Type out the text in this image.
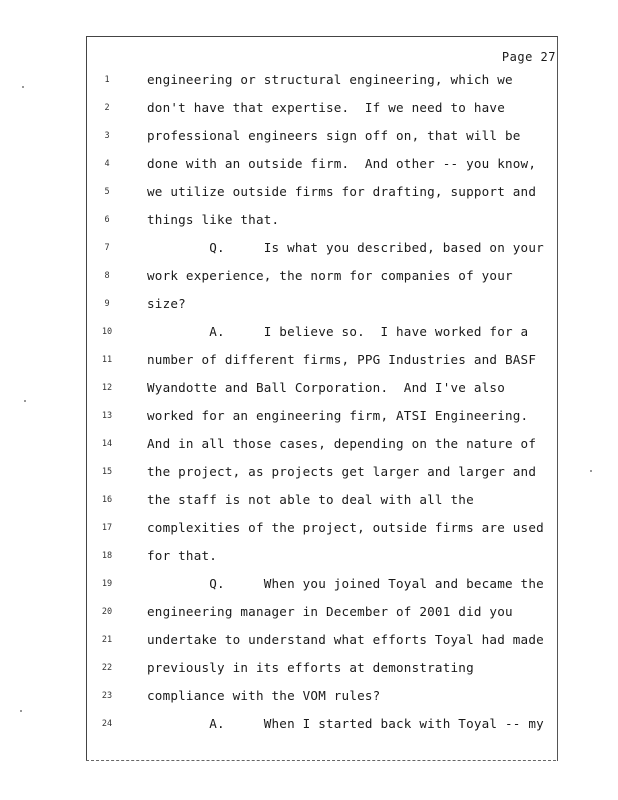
Page 27
1	engineering or structural engineering, which we
2	don't have that expertise.  If we need to have
3	professional engineers sign off on, that will be
4	done with an outside firm.  And other -- you know,
5	we utilize outside firms for drafting, support and
6	things like that.
7	Q.     Is what you described, based on your
8	work experience, the norm for companies of your
9	size?
10	A.     I believe so.  I have worked for a
11	number of different firms, PPG Industries and BASF
12	Wyandotte and Ball Corporation.  And I've also
13	worked for an engineering firm, ATSI Engineering.
14	And in all those cases, depending on the nature of
15	the project, as projects get larger and larger and
16	the staff is not able to deal with all the
17	complexities of the project, outside firms are used
18	for that.
19	Q.     When you joined Toyal and became the
20	engineering manager in December of 2001 did you
21	undertake to understand what efforts Toyal had made
22	previously in its efforts at demonstrating
23	compliance with the VOM rules?
24	A.     When I started back with Toyal -- my
